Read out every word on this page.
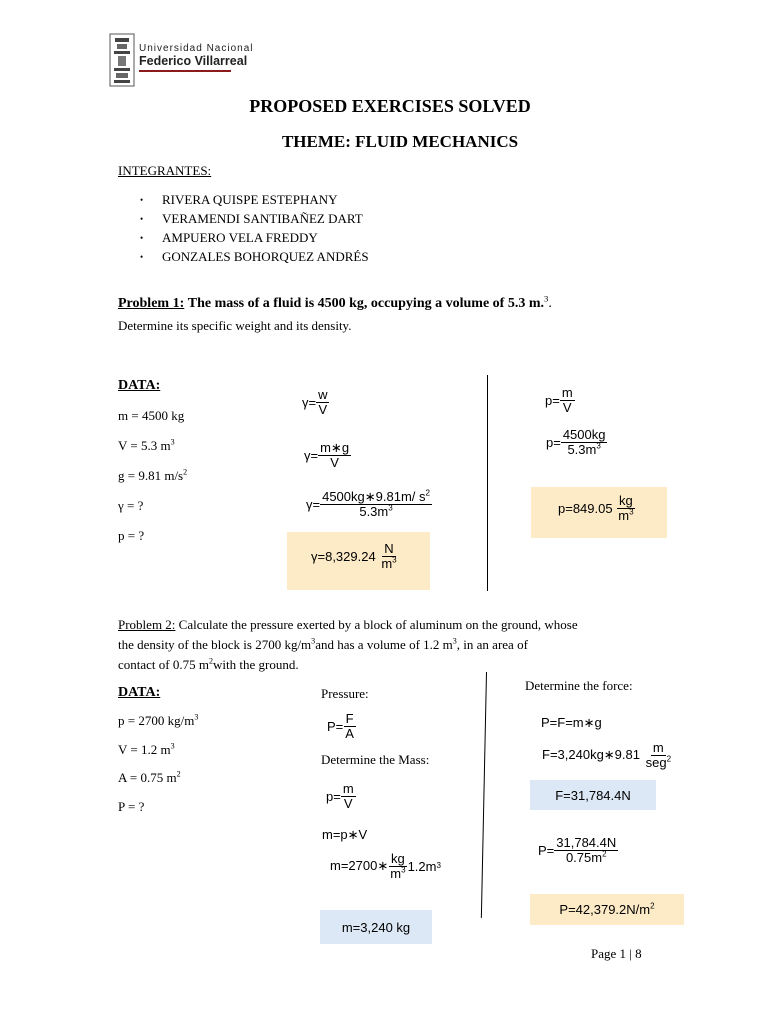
Universidad Nacional
Federico Villarreal
PROPOSED EXERCISES SOLVED
THEME: FLUID MECHANICS
INTEGRANTES:
•	RIVERA QUISPE ESTEPHANY
•	VERAMENDI SANTIBAÑEZ DART
•	AMPUERO VELA FREDDY
•	GONZALES BOHORQUEZ ANDRÉS
Problem 1: The mass of a fluid is 4500 kg, occupying a volume of 5.3 m.$^3$.
Determine its specific weight and its density.
DATA:
m = 4500 kg
V = 5.3 $m^3$
g = 9.81 $m/s^2$
γ = ?
p = ?
$\gamma= \frac{w}{V}$
$\gamma= \frac{m∗g}{V}$
$\gamma= \frac{4500kg∗9.81m/ s^2}{5.3m^3}$
γ=8,329.24
$\frac{N}{m^3}$
$p= \frac{m}{V}$
$p= \frac{4500kg}{5.3m^3}$
p=849.05
$\frac{kg}{m^3}$
Problem 2: Calculate the pressure exerted by a block of aluminum on the ground, whose
the density of the block is 2700 $kg/m^3and$ has a volume of 1.2 $m^3$, in an area of
contact of 0.75 $m^2with$ the ground.
DATA:
p = 2700 $kg/m^3$
V = 1.2 $m^3$
A = 0.75 $m^2$
P = ?
Pressure:
$P= \frac{F}{A}$
Determine the Mass:
$p= \frac{m}{V}$
m=p∗V
m=2700∗ $\frac{kg}{m^3} 1.2m$ 3
m=3,240 kg
Determine the force:
P=F=m∗g
F=3,240kg∗9.81
$\frac{m}{seg^2}$
F=31,784.4N
$P= \frac{31,784.4N}{0.75m^2}$
$P=42,379.2N/m^2$
Page 1 | 8
